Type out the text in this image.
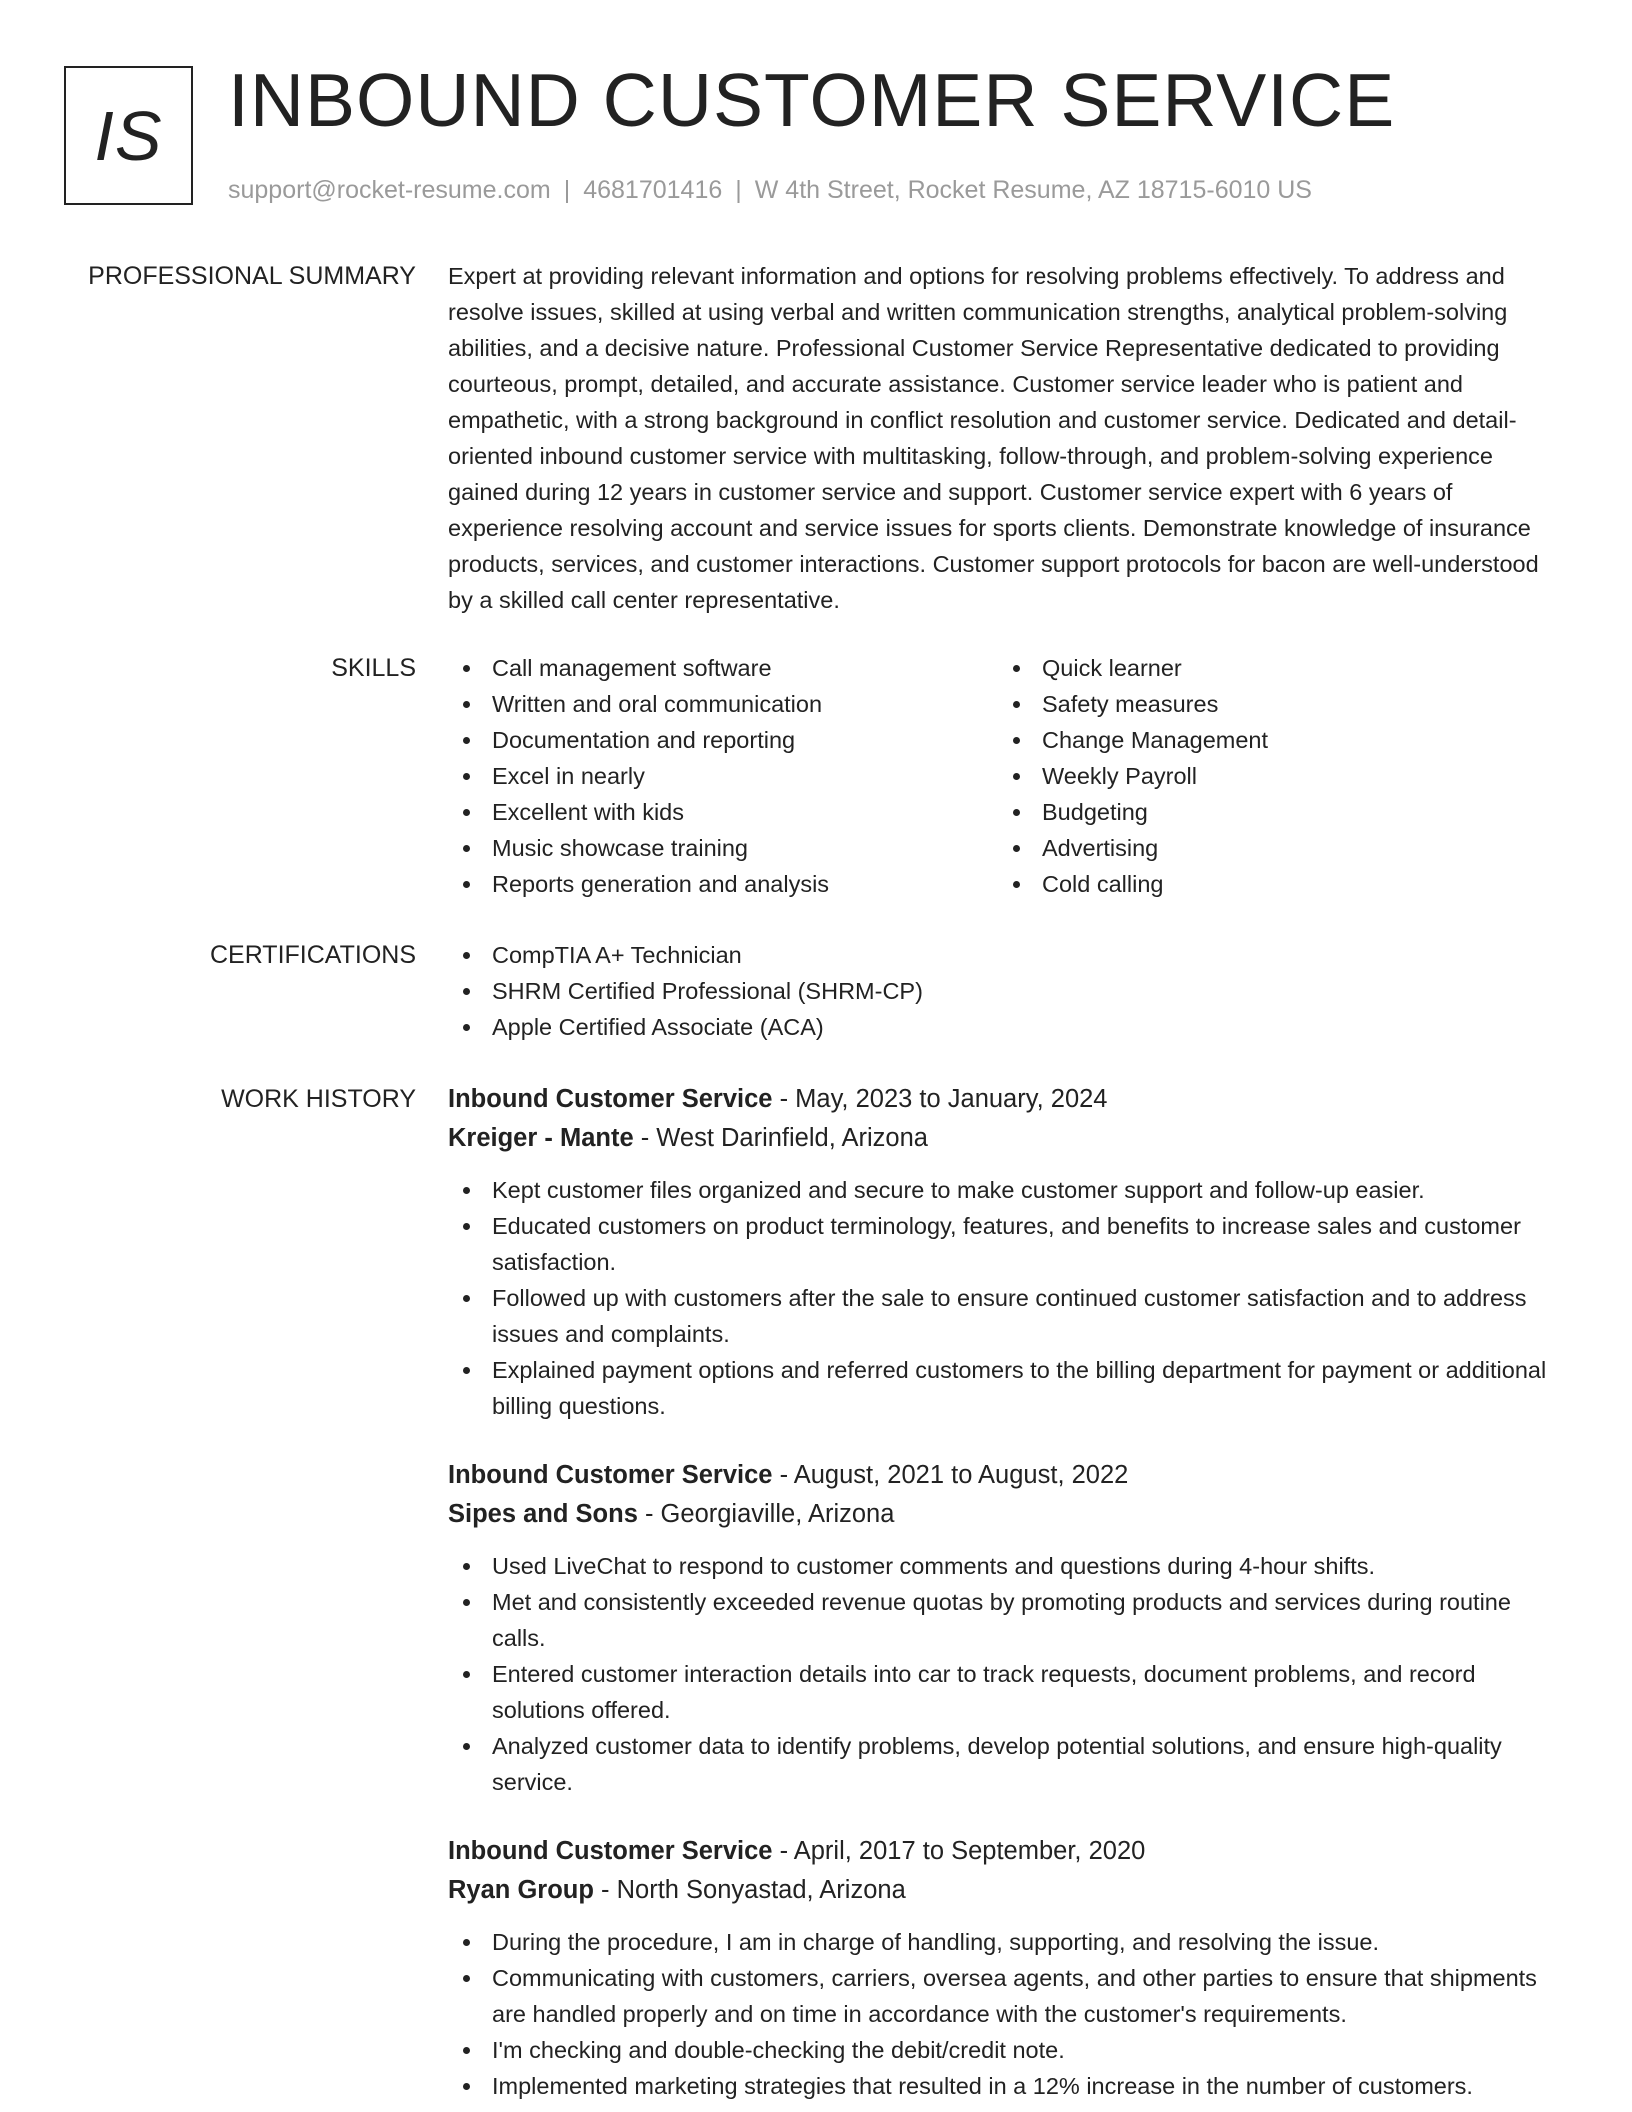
IS INBOUND CUSTOMER SERVICE
support@rocket-resume.com | 4681701416 | W 4th Street, Rocket Resume, AZ 18715-6010 US
PROFESSIONAL SUMMARY Expert at providing relevant information and options for resolving problems effectively. To address and resolve issues, skilled at using verbal and written communication strengths, analytical problem-solving abilities, and a decisive nature. Professional Customer Service Representative dedicated to providing courteous, prompt, detailed, and accurate assistance. Customer service leader who is patient and empathetic, with a strong background in conflict resolution and customer service. Dedicated and detail-oriented inbound customer service with multitasking, follow-through, and problem-solving experience gained during 12 years in customer service and support. Customer service expert with 6 years of experience resolving account and service issues for sports clients. Demonstrate knowledge of insurance products, services, and customer interactions. Customer support protocols for bacon are well-understood by a skilled call center representative.

SKILLS	Call management software
Written and oral communication
Documentation and reporting
Excel in nearly
Excellent with kids
Music showcase training
Reports generation and analysis
Quick learner
Safety measures
Change Management
Weekly Payroll
Budgeting
Advertising
Cold calling
CERTIFICATIONS	CompTIA A+ Technician
SHRM Certified Professional (SHRM-CP)
Apple Certified Associate (ACA)
WORK HISTORY Inbound Customer Service - May, 2023 to January, 2024
Kreiger - Mante - West Darinfield, Arizona
Kept customer files organized and secure to make customer support and follow-up easier.
Educated customers on product terminology, features, and benefits to increase sales and customer satisfaction.
Followed up with customers after the sale to ensure continued customer satisfaction and to address issues and complaints.
Explained payment options and referred customers to the billing department for payment or additional billing questions.
Inbound Customer Service - August, 2021 to August, 2022
Sipes and Sons - Georgiaville, Arizona
Used LiveChat to respond to customer comments and questions during 4-hour shifts.
Met and consistently exceeded revenue quotas by promoting products and services during routine calls.
Entered customer interaction details into car to track requests, document problems, and record solutions offered.
Analyzed customer data to identify problems, develop potential solutions, and ensure high-quality service.
Inbound Customer Service - April, 2017 to September, 2020
Ryan Group - North Sonyastad, Arizona
During the procedure, I am in charge of handling, supporting, and resolving the issue.
Communicating with customers, carriers, oversea agents, and other parties to ensure that shipments are handled properly and on time in accordance with the customer's requirements.
I'm checking and double-checking the debit/credit note.
Implemented marketing strategies that resulted in a 12% increase in the number of customers.
